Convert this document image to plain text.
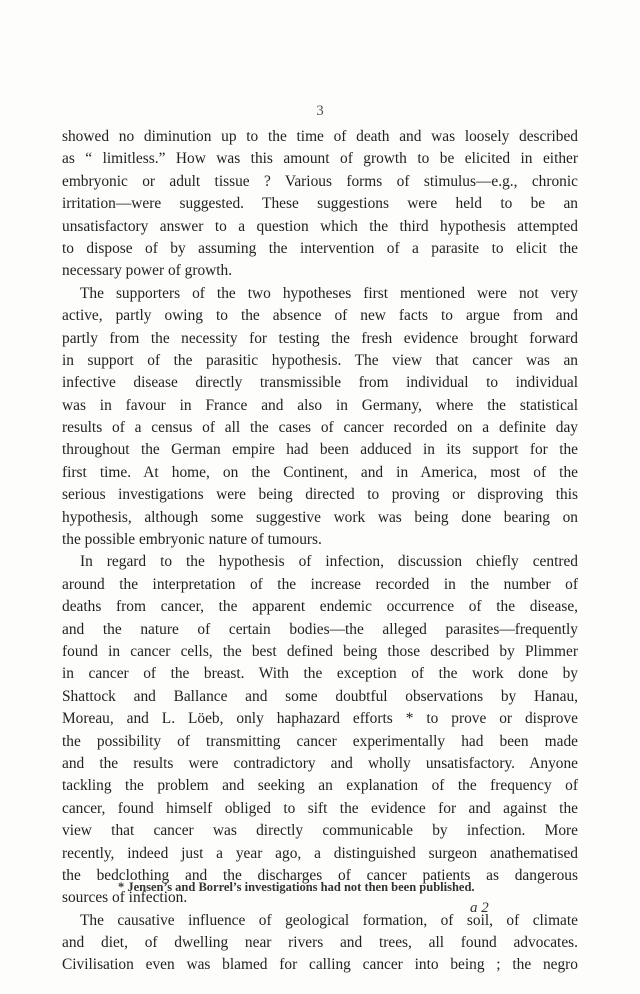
3
showed no diminution up to the time of death and was loosely described
as “ limitless.” How was this amount of growth to be elicited in either
embryonic or adult tissue ? Various forms of stimulus—e.g., chronic
irritation—were suggested. These suggestions were held to be an
unsatisfactory answer to a question which the third hypothesis attempted
to dispose of by assuming the intervention of a parasite to elicit the
necessary power of growth.
The supporters of the two hypotheses first mentioned were not very
active, partly owing to the absence of new facts to argue from and
partly from the necessity for testing the fresh evidence brought forward
in support of the parasitic hypothesis. The view that cancer was an
infective disease directly transmissible from individual to individual
was in favour in France and also in Germany, where the statistical
results of a census of all the cases of cancer recorded on a definite day
throughout the German empire had been adduced in its support for the
first time. At home, on the Continent, and in America, most of the
serious investigations were being directed to proving or disproving this
hypothesis, although some suggestive work was being done bearing on
the possible embryonic nature of tumours.
In regard to the hypothesis of infection, discussion chiefly centred
around the interpretation of the increase recorded in the number of
deaths from cancer, the apparent endemic occurrence of the disease,
and the nature of certain bodies—the alleged parasites—frequently
found in cancer cells, the best defined being those described by Plimmer
in cancer of the breast. With the exception of the work done by
Shattock and Ballance and some doubtful observations by Hanau,
Moreau, and L. Löeb, only haphazard efforts * to prove or disprove
the possibility of transmitting cancer experimentally had been made
and the results were contradictory and wholly unsatisfactory. Anyone
tackling the problem and seeking an explanation of the frequency of
cancer, found himself obliged to sift the evidence for and against the
view that cancer was directly communicable by infection. More
recently, indeed just a year ago, a distinguished surgeon anathematised
the bedclothing and the discharges of cancer patients as dangerous
sources of infection.
The causative influence of geological formation, of soil, of climate
and diet, of dwelling near rivers and trees, all found advocates.
Civilisation even was blamed for calling cancer into being ; the negro
* Jensen’s and Borrel’s investigations had not then been published.
a 2
